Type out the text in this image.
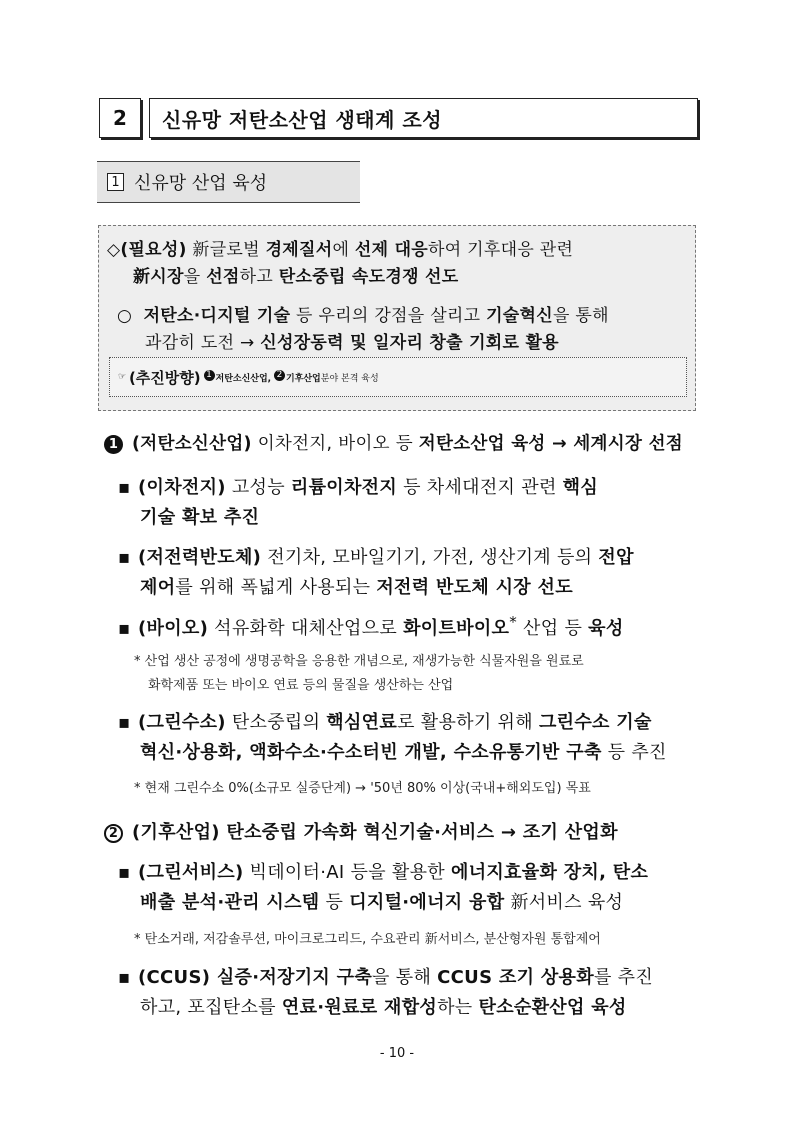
2	신유망 저탄소산업 생태계 조성
1 신유망 산업 육성
◇(필요성) 新글로벌 경제질서에 선제 대응하여 기후대응 관련
新시장을 선점하고 탄소중립 속도경쟁 선도
○ 저탄소·디지털 기술 등 우리의 강점을 살리고 기술혁신을 통해
과감히 도전 → 신성장동력 및 일자리 창출 기회로 활용
☞
(추진방향)
$^1$ 저탄소신산업,
$^2$ 기후산업 분야 본격 육성
1 (저탄소신산업) 이차전지, 바이오 등 저탄소산업 육성 → 세계시장 선점
▪ (이차전지) 고성능 리튬이차전지 등 차세대전지 관련 핵심
기술 확보 추진
▪ (저전력반도체) 전기차, 모바일기기, 가전, 생산기계 등의 전압
제어를 위해 폭넓게 사용되는 저전력 반도체 시장 선도
▪ (바이오) 석유화학 대체산업으로 화이트바이오* 산업 등 육성
* 산업 생산 공정에 생명공학을 응용한 개념으로, 재생가능한 식물자원을 원료로
화학제품 또는 바이오 연료 등의 물질을 생산하는 산업
▪ (그린수소) 탄소중립의 핵심연료로 활용하기 위해 그린수소 기술
혁신·상용화, 액화수소·수소터빈 개발, 수소유통기반 구축 등 추진
* 현재 그린수소 0%(소규모 실증단계) → '50년 80% 이상(국내+해외도입) 목표
2 (기후산업) 탄소중립 가속화 혁신기술·서비스 → 조기 산업화
▪ (그린서비스) 빅데이터·AI 등을 활용한 에너지효율화 장치, 탄소
배출 분석·관리 시스템 등 디지털·에너지 융합 新서비스 육성
* 탄소거래, 저감솔루션, 마이크로그리드, 수요관리 新서비스, 분산형자원 통합제어
▪ (CCUS) 실증·저장기지 구축을 통해 CCUS 조기 상용화를 추진
하고, 포집탄소를 연료·원료로 재합성하는 탄소순환산업 육성
- 10 -
